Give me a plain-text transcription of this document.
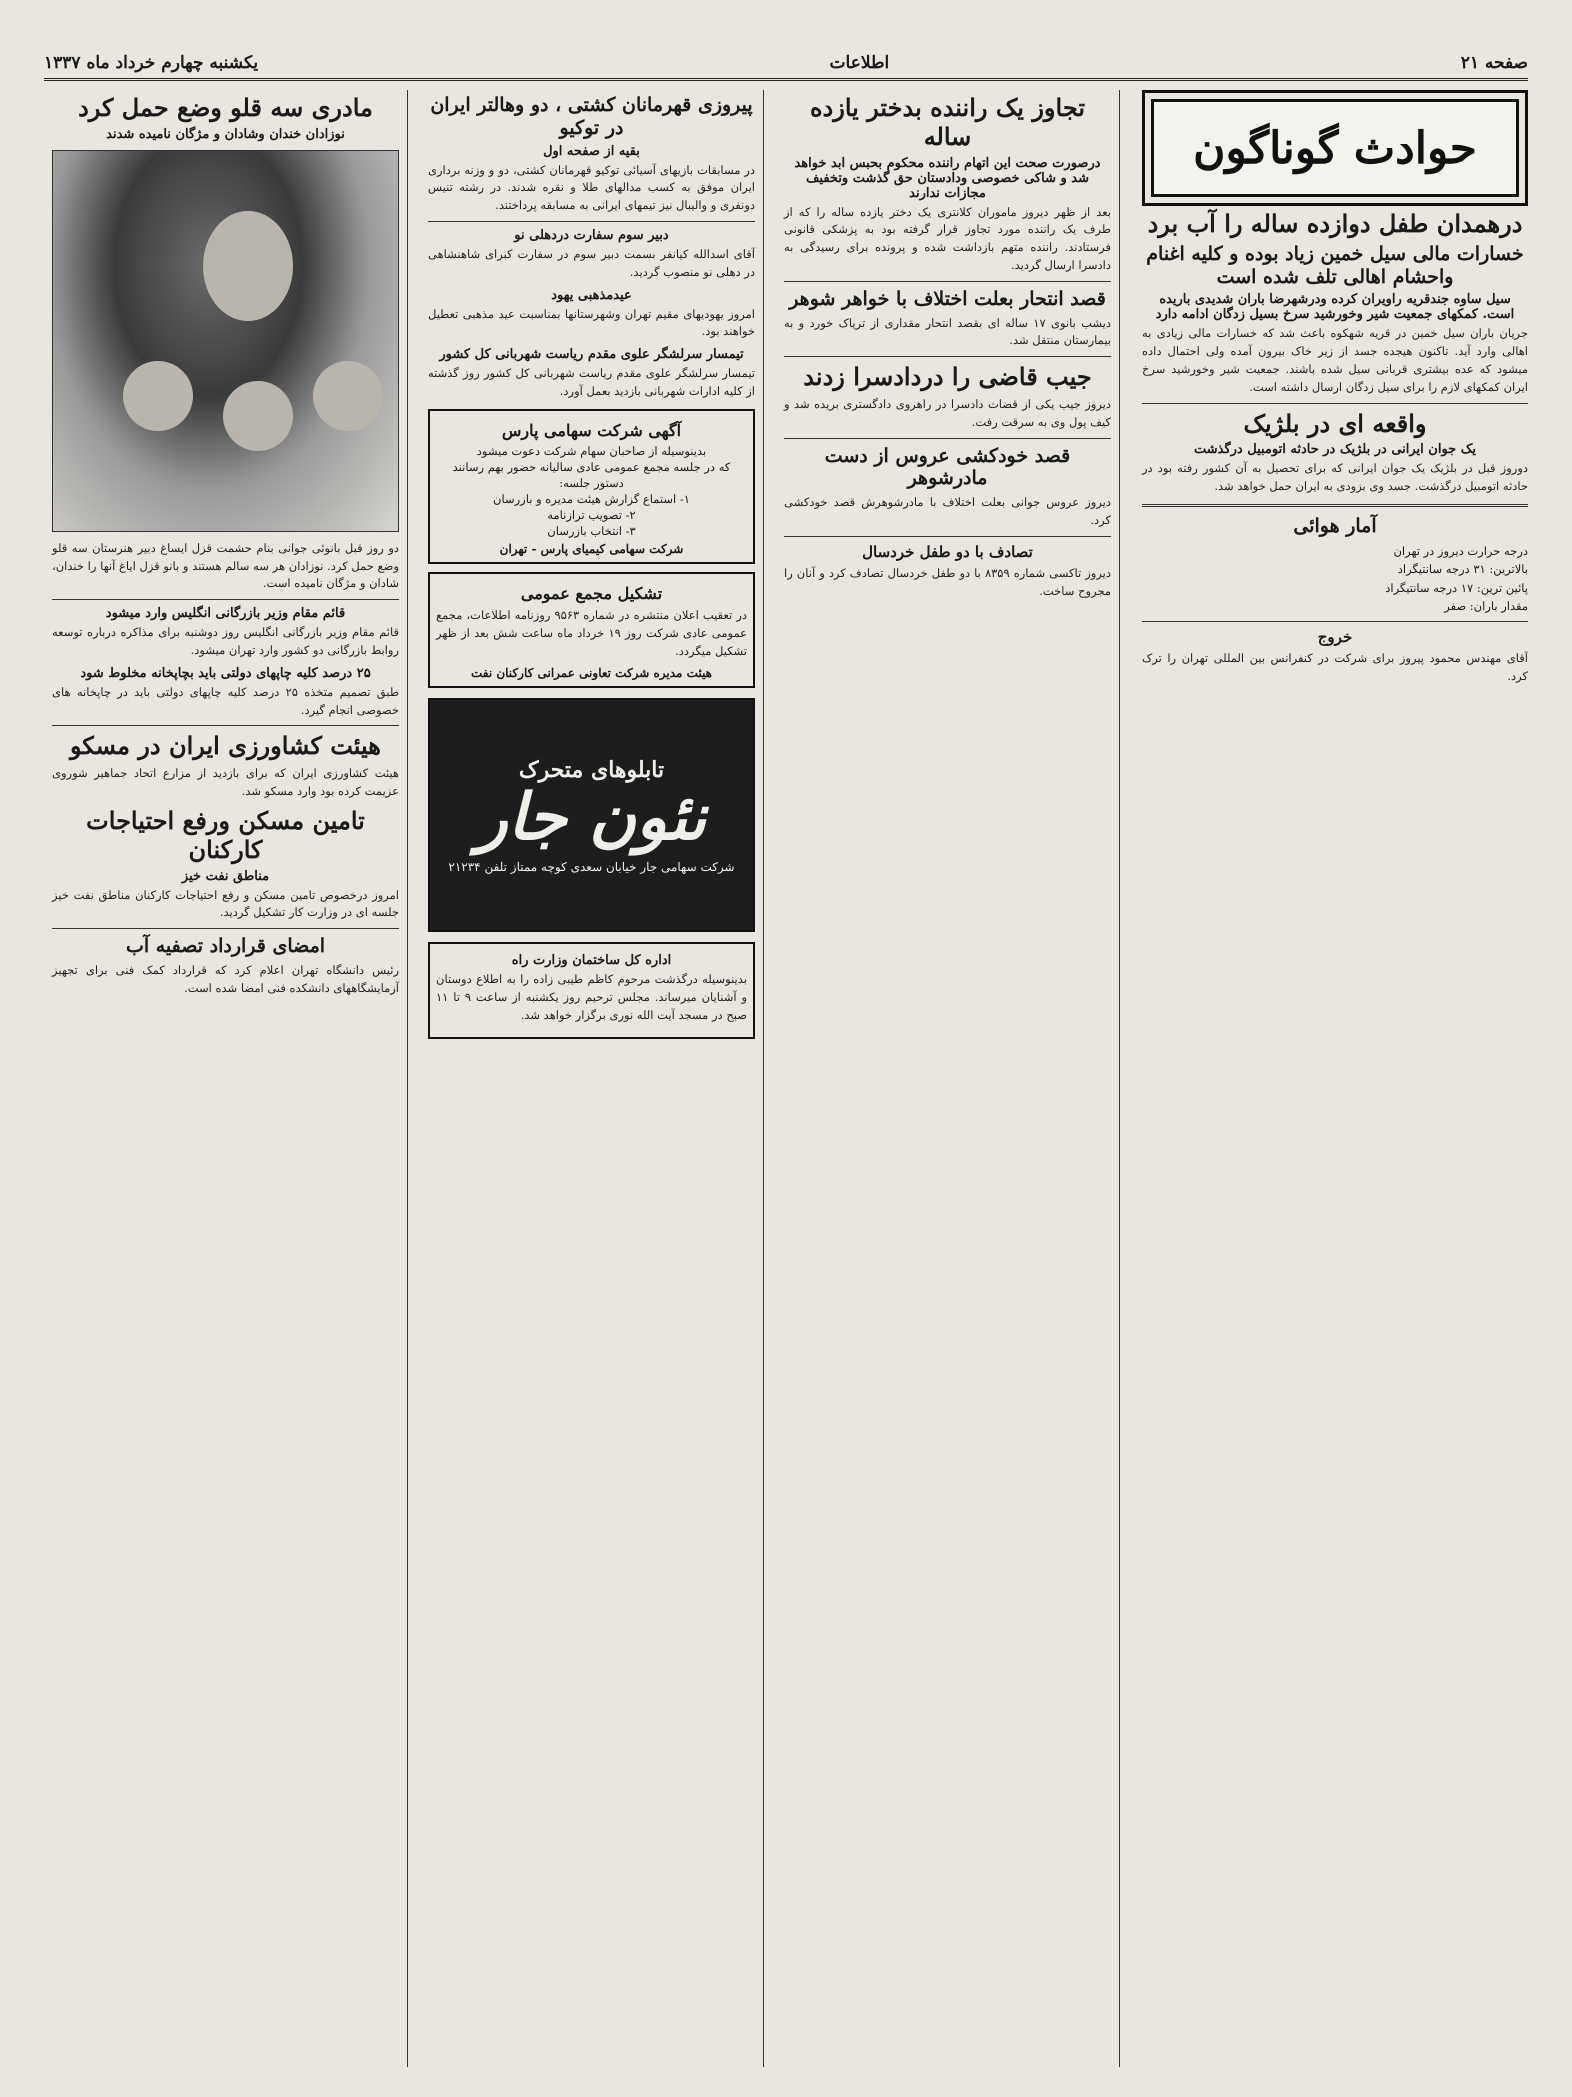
صفحه ۲۱
اطلاعات
یکشنبه چهارم خرداد ماه ۱۳۳۷
حوادث گوناگون
درهمدان طفل دوازده ساله را آب برد
خسارات مالی سیل خمین زیاد بوده و کلیه اغنام واحشام اهالی تلف شده است
سیل ساوه جندقریه راویران کرده ودرشهرضا باران شدیدی باریده است. کمکهای جمعیت شیر وخورشید سرخ بسیل زدگان ادامه دارد

جریان باران سیل خمین در قریه شهکوه باعث شد که خسارات مالی زیادی به اهالی وارد آید. تاکنون هیجده جسد از زیر خاک بیرون آمده ولی احتمال داده میشود که عده بیشتری قربانی سیل شده باشند. جمعیت شیر وخورشید سرخ ایران کمکهای لازم را برای سیل زدگان ارسال داشته است.

واقعه ای در بلژیک
یک جوان ایرانی در بلژیک در حادثه اتومبیل درگذشت

دوروز قبل در بلژیک یک جوان ایرانی که برای تحصیل به آن کشور رفته بود در حادثه اتومبیل درگذشت. جسد وی بزودی به ایران حمل خواهد شد.

آمار هوائی
درجه حرارت دیروز در تهران
بالاترین: ۳۱ درجه سانتیگراد
پائین ترین: ۱۷ درجه سانتیگراد
مقدار باران: صفر
خروج

آقای مهندس محمود پیروز برای شرکت در کنفرانس بین المللی تهران را ترک کرد.

تجاوز یک راننده بدختر یازده ساله
درصورت صحت این اتهام راننده محکوم بحبس ابد خواهد شد و شاکی خصوصی ودادستان حق گذشت وتخفیف مجازات ندارند

بعد از ظهر دیروز ماموران کلانتری یک دختر یازده ساله را که از طرف یک راننده مورد تجاوز قرار گرفته بود به پزشکی قانونی فرستادند. راننده متهم بازداشت شده و پرونده برای رسیدگی به دادسرا ارسال گردید.

قصد انتحار بعلت اختلاف با خواهر شوهر

دیشب بانوی ۱۷ ساله ای بقصد انتحار مقداری از تریاک خورد و به بیمارستان منتقل شد.

جیب قاضی را دردادسرا زدند

دیروز جیب یکی از قضات دادسرا در راهروی دادگستری بریده شد و کیف پول وی به سرقت رفت.

قصد خودکشی عروس از دست مادرشوهر

دیروز عروس جوانی بعلت اختلاف با مادرشوهرش قصد خودکشی کرد.

تصادف با دو طفل خردسال

دیروز تاکسی شماره ۸۳۵۹ با دو طفل خردسال تصادف کرد و آنان را مجروح ساخت.

پیروزی قهرمانان کشتی ، دو وهالتر ایران در توکیو
بقیه از صفحه اول

در مسابقات بازیهای آسیائی توکیو قهرمانان کشتی، دو و وزنه برداری ایران موفق به کسب مدالهای طلا و نقره شدند. در رشته تنیس دونفری و والیبال نیز تیمهای ایرانی به مسابقه پرداختند.

دبیر سوم سفارت دردهلی نو

آقای اسدالله کیانفر بسمت دبیر سوم در سفارت کبرای شاهنشاهی در دهلی نو منصوب گردید.

عیدمذهبی یهود

امروز یهودیهای مقیم تهران وشهرستانها بمناسبت عید مذهبی تعطیل خواهند بود.

تیمسار سرلشگر علوی مقدم ریاست شهربانی کل کشور

تیمسار سرلشگر علوی مقدم ریاست شهربانی کل کشور روز گذشته از کلیه ادارات شهربانی بازدید بعمل آورد.

آگهی شرکت سهامی پارس
بدینوسیله از صاحبان سهام شرکت دعوت میشود
که در جلسه مجمع عمومی عادی سالیانه حضور بهم رسانند
دستور جلسه:
۱- استماع گزارش هیئت مدیره و بازرسان
۲- تصویب ترازنامه
۳- انتخاب بازرسان
شرکت سهامی کیمیای پارس - تهران
تشکیل مجمع عمومی

در تعقیب اعلان منتشره در شماره ۹۵۶۳ روزنامه اطلاعات، مجمع عمومی عادی شرکت روز ۱۹ خرداد ماه ساعت شش بعد از ظهر تشکیل میگردد.

هیئت مدیره شرکت تعاونی عمرانی کارکنان نفت
تابلوهای متحرک
نئون جار
شرکت سهامی جار خیابان سعدی کوچه ممتاز تلفن ۲۱۲۳۴
اداره کل ساختمان وزارت راه

بدینوسیله درگذشت مرحوم کاظم طیبی زاده را به اطلاع دوستان و آشنایان میرساند. مجلس ترحیم روز یکشنبه از ساعت ۹ تا ۱۱ صبح در مسجد آیت الله نوری برگزار خواهد شد.

مادری سه قلو وضع حمل کرد
نوزادان خندان وشادان و مژگان نامیده شدند

دو روز قبل بانوئی جوانی بنام حشمت قزل ایساغ دبیر هنرستان سه قلو وضع حمل کرد. نوزادان هر سه سالم هستند و بانو قزل ایاغ آنها را خندان، شادان و مژگان نامیده است.

قائم مقام وزیر بازرگانی انگلیس وارد میشود

قائم مقام وزیر بازرگانی انگلیس روز دوشنبه برای مذاکره درباره توسعه روابط بازرگانی دو کشور وارد تهران میشود.

۲۵ درصد کلیه چاپهای دولتی باید بچاپخانه مخلوط شود

طبق تصمیم متخذه ۲۵ درصد کلیه چاپهای دولتی باید در چاپخانه های خصوصی انجام گیرد.

هیئت کشاورزی ایران در مسکو

هیئت کشاورزی ایران که برای بازدید از مزارع اتحاد جماهیر شوروی عزیمت کرده بود وارد مسکو شد.

تامین مسکن ورفع احتیاجات کارکنان
مناطق نفت خیز

امروز درخصوص تامین مسکن و رفع احتیاجات کارکنان مناطق نفت خیز جلسه ای در وزارت کار تشکیل گردید.

امضای قرارداد تصفیه آب

رئیس دانشگاه تهران اعلام کرد که قرارداد کمک فنی برای تجهیز آزمایشگاههای دانشکده فنی امضا شده است.
